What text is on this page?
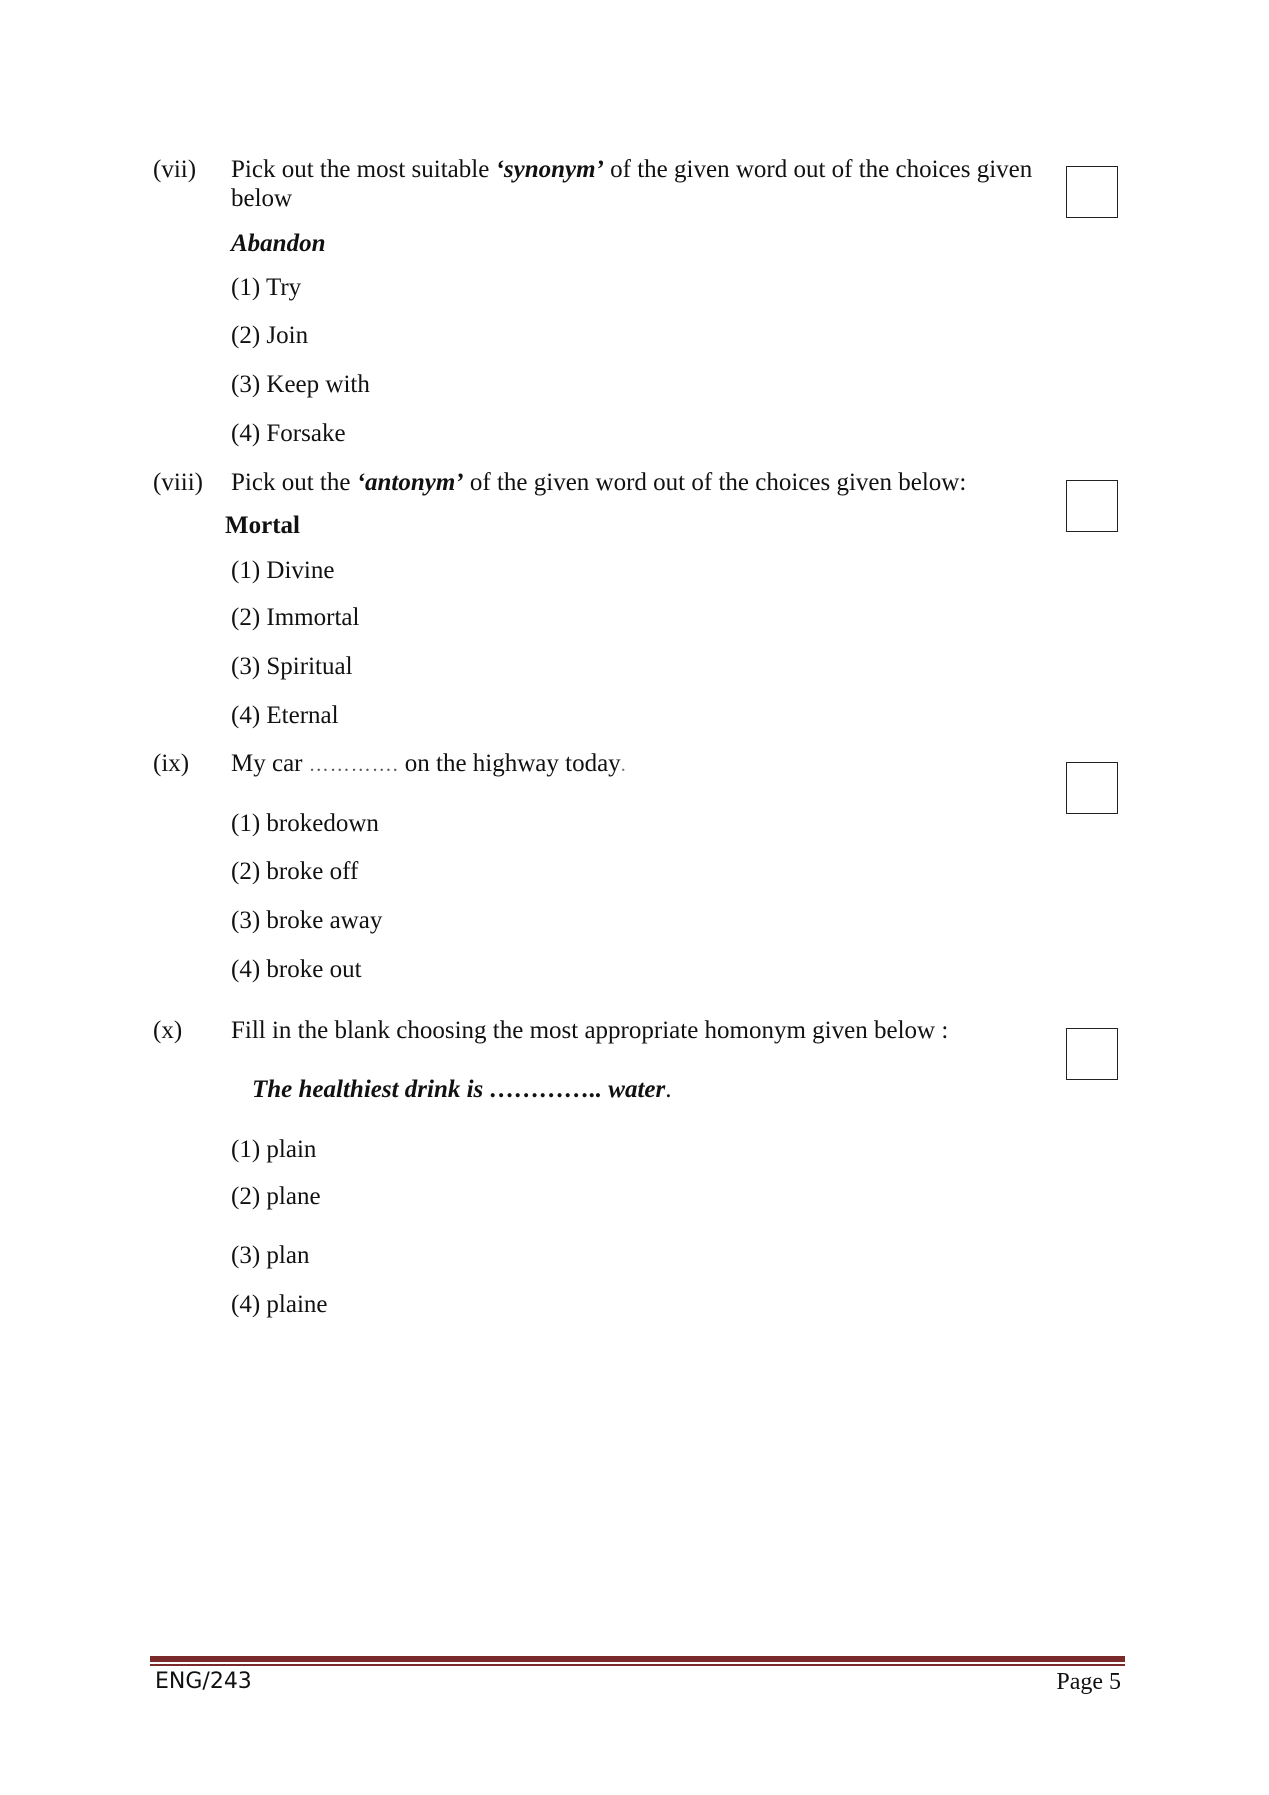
(vii) Pick out the most suitable ‘synonym’ of the given word out of the choices given
below
Abandon
(1) Try
(2) Join
(3) Keep with
(4) Forsake
(viii) Pick out the ‘antonym’ of the given word out of the choices given below:
Mortal
(1) Divine
(2) Immortal
(3) Spiritual
(4) Eternal
(ix) My car …………. on the highway today.
(1) brokedown
(2) broke off
(3) broke away
(4) broke out
(x) Fill in the blank choosing the most appropriate homonym given below :
The healthiest drink is ………….. water.
(1) plain
(2) plane
(3) plan
(4) plaine
ENG/243	Page 5
